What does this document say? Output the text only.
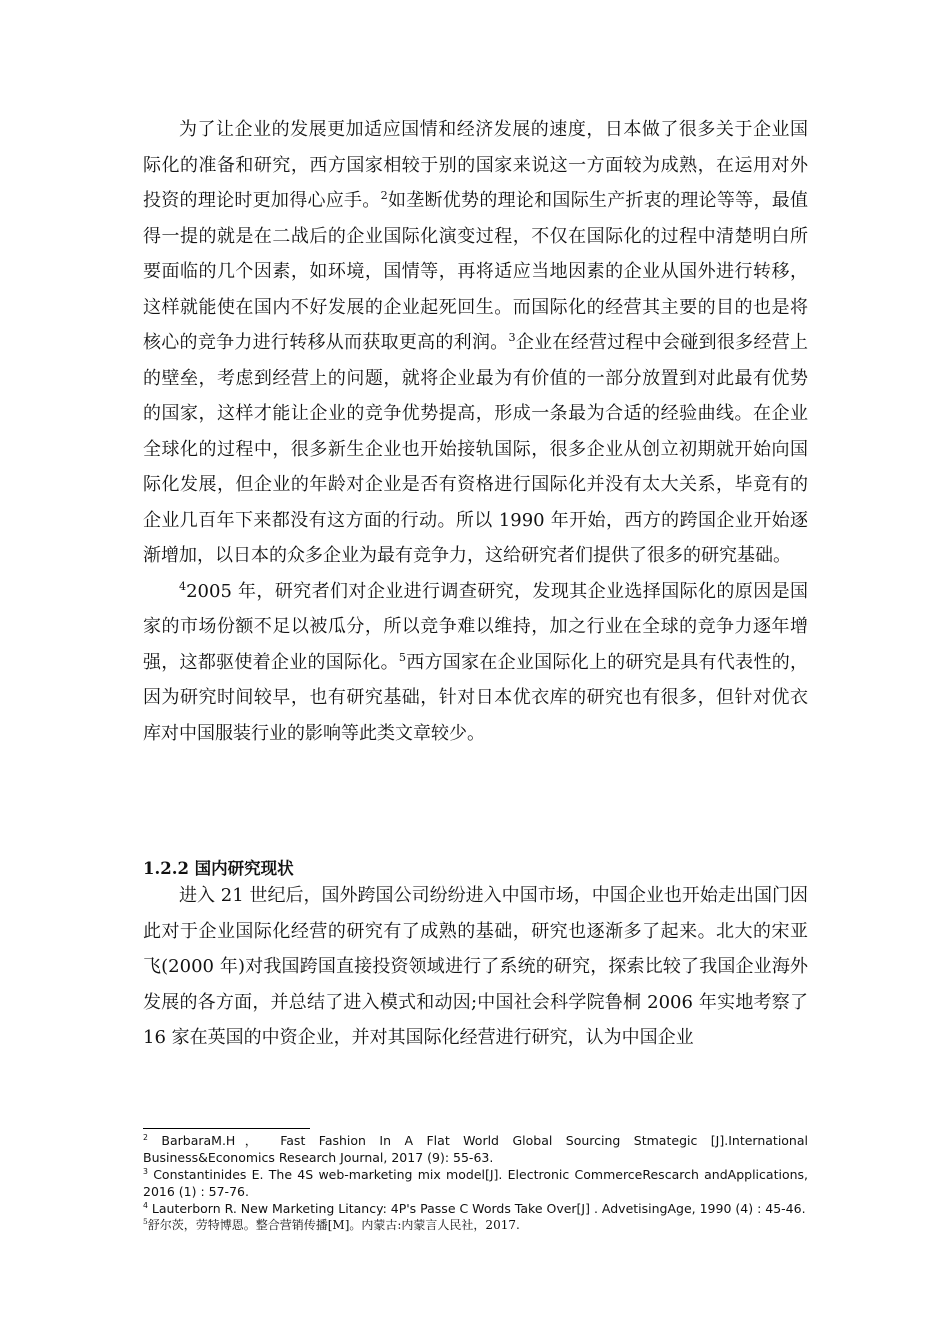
为了让企业的发展更加适应国情和经济发展的速度，日本做了很多关于企业国际化的准备和研究，西方国家相较于别的国家来说这一方面较为成熟，在运用对外投资的理论时更加得心应手。$^2$如垄断优势的理论和国际生产折衷的理论等等，最值得一提的就是在二战后的企业国际化演变过程，不仅在国际化的过程中清楚明白所要面临的几个因素，如环境，国情等，再将适应当地因素的企业从国外进行转移，这样就能使在国内不好发展的企业起死回生。而国际化的经营其主要的目的也是将核心的竞争力进行转移从而获取更高的利润。$^3$企业在经营过程中会碰到很多经营上的壁垒，考虑到经营上的问题，就将企业最为有价值的一部分放置到对此最有优势的国家，这样才能让企业的竞争优势提高，形成一条最为合适的经验曲线。在企业全球化的过程中，很多新生企业也开始接轨国际，很多企业从创立初期就开始向国际化发展，但企业的年龄对企业是否有资格进行国际化并没有太大关系，毕竟有的企业几百年下来都没有这方面的行动。所以 1990 年开始，西方的跨国企业开始逐渐增加，以日本的众多企业为最有竞争力，这给研究者们提供了很多的研究基础。

$^4$2005 年，研究者们对企业进行调查研究，发现其企业选择国际化的原因是国家的市场份额不足以被瓜分，所以竞争难以维持，加之行业在全球的竞争力逐年增强，这都驱使着企业的国际化。$^5$西方国家在企业国际化上的研究是具有代表性的，因为研究时间较早，也有研究基础，针对日本优衣库的研究也有很多，但针对优衣库对中国服装行业的影响等此类文章较少。

1.2.2 国内研究现状

进入 21 世纪后，国外跨国公司纷纷进入中国市场，中国企业也开始走出国门因此对于企业国际化经营的研究有了成熟的基础，研究也逐渐多了起来。北大的宋亚飞(2000 年)对我国跨国直接投资领域进行了系统的研究，探索比较了我国企业海外发展的各方面，并总结了进入模式和动因;中国社会科学院鲁桐 2006 年实地考察了 16 家在英国的中资企业，并对其国际化经营进行研究，认为中国企业

$^2$ BarbaraM.H， Fast Fashion In A Flat World Global Sourcing Stmategic [J].International Business&Economics Research Journal, 2017 (9): 55-63.

$^3$ Constantinides E. The 4S web-marketing mix model[J]. Electronic CommerceRescarch andApplications, 2016 (1) : 57-76.

$^4$ Lauterborn R. New Marketing Litancy: 4P's Passe C Words Take Over[J] . AdvetisingAge, 1990 (4) : 45-46.

$^5$舒尔茨，劳特博恩。整合营销传播[M]。内蒙古:内蒙言人民社，2017.
